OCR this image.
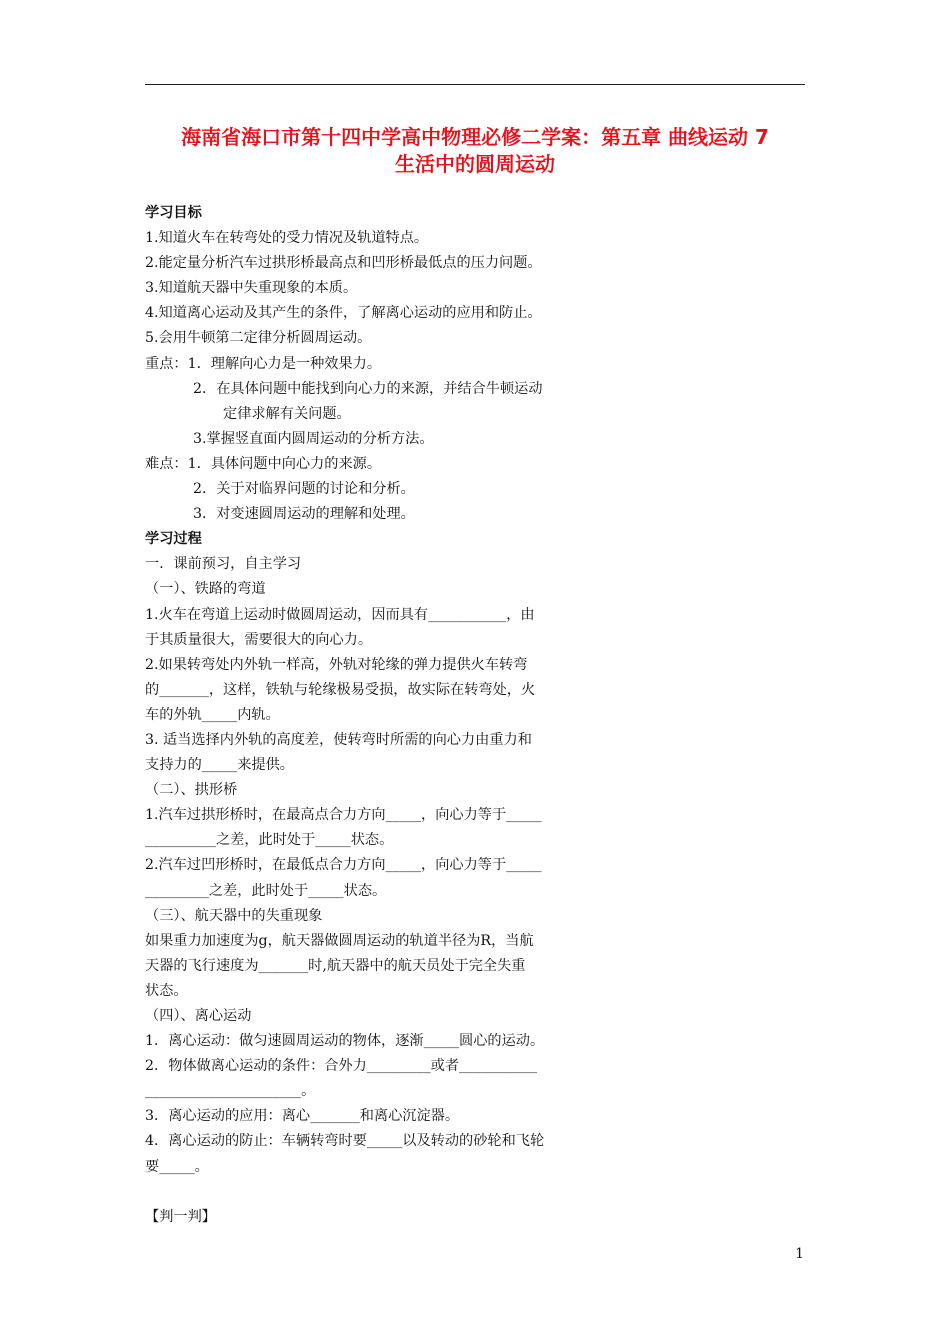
海南省海口市第十四中学高中物理必修二学案：第五章 曲线运动 7
生活中的圆周运动
学习目标
1.知道火车在转弯处的受力情况及轨道特点。
2.能定量分析汽车过拱形桥最高点和凹形桥最低点的压力问题。
3.知道航天器中失重现象的本质。
4.知道离心运动及其产生的条件，了解离心运动的应用和防止。
5.会用牛顿第二定律分析圆周运动。
重点：1．理解向心力是一种效果力。
2．在具体问题中能找到向心力的来源，并结合牛顿运动
定律求解有关问题。
3.掌握竖直面内圆周运动的分析方法。
难点：1．具体问题中向心力的来源。
2．关于对临界问题的讨论和分析。
3．对变速圆周运动的理解和处理。
学习过程
一．课前预习，自主学习
（一）、铁路的弯道
1.火车在弯道上运动时做圆周运动，因而具有___________，由
于其质量很大，需要很大的向心力。
2.如果转弯处内外轨一样高，外轨对轮缘的弹力提供火车转弯
的_______，这样，铁轨与轮缘极易受损，故实际在转弯处，火
车的外轨_____内轨。
3. 适当选择内外轨的高度差，使转弯时所需的向心力由重力和
支持力的_____来提供。
（二）、拱形桥
1.汽车过拱形桥时，在最高点合力方向_____，向心力等于_____
__________之差，此时处于_____状态。
2.汽车过凹形桥时，在最低点合力方向_____，向心力等于_____
_________之差，此时处于_____状态。
（三）、航天器中的失重现象
如果重力加速度为g，航天器做圆周运动的轨道半径为R，当航
天器的飞行速度为_______时,航天器中的航天员处于完全失重
状态。
（四）、离心运动
1．离心运动：做匀速圆周运动的物体，逐渐_____圆心的运动。
2．物体做离心运动的条件：合外力_________或者___________
______________________。
3．离心运动的应用：离心_______和离心沉淀器。
4．离心运动的防止：车辆转弯时要_____以及转动的砂轮和飞轮
要_____。

【判一判】
1
